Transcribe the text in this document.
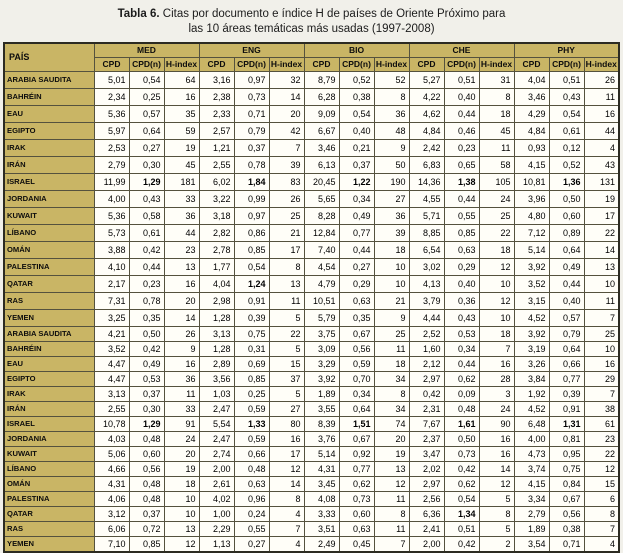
Tabla 6. Citas por documento e índice H de países de Oriente Próximo para
las 10 áreas temáticas más usadas (1997-2008)
PAÍS	MED			ENG			BIO			CHE			PHY		
	CPD	CPD(n)	H-index	CPD	CPD(n)	H-index	CPD	CPD(n)	H-index	CPD	CPD(n)	H-index	CPD	CPD(n)	H-index
ARABIA SAUDITA	5,01	0,54	64	3,16	0,97	32	8,79	0,52	52	5,27	0,51	31	4,04	0,51	26
BAHRÉIN	2,34	0,25	16	2,38	0,73	14	6,28	0,38	8	4,22	0,40	8	3,46	0,43	11
EAU	5,36	0,57	35	2,33	0,71	20	9,09	0,54	36	4,62	0,44	18	4,29	0,54	16
EGIPTO	5,97	0,64	59	2,57	0,79	42	6,67	0,40	48	4,84	0,46	45	4,84	0,61	44
IRAK	2,53	0,27	19	1,21	0,37	7	3,46	0,21	9	2,42	0,23	11	0,93	0,12	4
IRÁN	2,79	0,30	45	2,55	0,78	39	6,13	0,37	50	6,83	0,65	58	4,15	0,52	43
ISRAEL	11,99	1,29	181	6,02	1,84	83	20,45	1,22	190	14,36	1,38	105	10,81	1,36	131
JORDANIA	4,00	0,43	33	3,22	0,99	26	5,65	0,34	27	4,55	0,44	24	3,96	0,50	19
KUWAIT	5,36	0,58	36	3,18	0,97	25	8,28	0,49	36	5,71	0,55	25	4,80	0,60	17
LÍBANO	5,73	0,61	44	2,82	0,86	21	12,84	0,77	39	8,85	0,85	22	7,12	0,89	22
OMÁN	3,88	0,42	23	2,78	0,85	17	7,40	0,44	18	6,54	0,63	18	5,14	0,64	14
PALESTINA	4,10	0,44	13	1,77	0,54	8	4,54	0,27	10	3,02	0,29	12	3,92	0,49	13
QATAR	2,17	0,23	16	4,04	1,24	13	4,79	0,29	10	4,13	0,40	10	3,52	0,44	10
RAS	7,31	0,78	20	2,98	0,91	11	10,51	0,63	21	3,79	0,36	12	3,15	0,40	11
YEMEN	3,25	0,35	14	1,28	0,39	5	5,79	0,35	9	4,44	0,43	10	4,52	0,57	7
ARABIA SAUDITA	4,21	0,50	26	3,13	0,75	22	3,75	0,67	25	2,52	0,53	18	3,92	0,79	25
BAHRÉIN	3,52	0,42	9	1,28	0,31	5	3,09	0,56	11	1,60	0,34	7	3,19	0,64	10
EAU	4,47	0,49	16	2,89	0,69	15	3,29	0,59	18	2,12	0,44	16	3,26	0,66	16
EGIPTO	4,47	0,53	36	3,56	0,85	37	3,92	0,70	34	2,97	0,62	28	3,84	0,77	29
IRAK	3,13	0,37	11	1,03	0,25	5	1,89	0,34	8	0,42	0,09	3	1,92	0,39	7
IRÁN	2,55	0,30	33	2,47	0,59	27	3,55	0,64	34	2,31	0,48	24	4,52	0,91	38
ISRAEL	10,78	1,29	91	5,54	1,33	80	8,39	1,51	74	7,67	1,61	90	6,48	1,31	61
JORDANIA	4,03	0,48	24	2,47	0,59	16	3,76	0,67	20	2,37	0,50	16	4,00	0,81	23
KUWAIT	5,06	0,60	20	2,74	0,66	17	5,14	0,92	19	3,47	0,73	16	4,73	0,95	22
LÍBANO	4,66	0,56	19	2,00	0,48	12	4,31	0,77	13	2,02	0,42	14	3,74	0,75	12
OMÁN	4,31	0,48	18	2,61	0,63	14	3,45	0,62	12	2,97	0,62	12	4,15	0,84	15
PALESTINA	4,06	0,48	10	4,02	0,96	8	4,08	0,73	11	2,56	0,54	5	3,34	0,67	6
QATAR	3,12	0,37	10	1,00	0,24	4	3,33	0,60	8	6,36	1,34	8	2,79	0,56	8
RAS	6,06	0,72	13	2,29	0,55	7	3,51	0,63	11	2,41	0,51	5	1,89	0,38	7
YEMEN	7,10	0,85	12	1,13	0,27	4	2,49	0,45	7	2,00	0,42	2	3,54	0,71	4
